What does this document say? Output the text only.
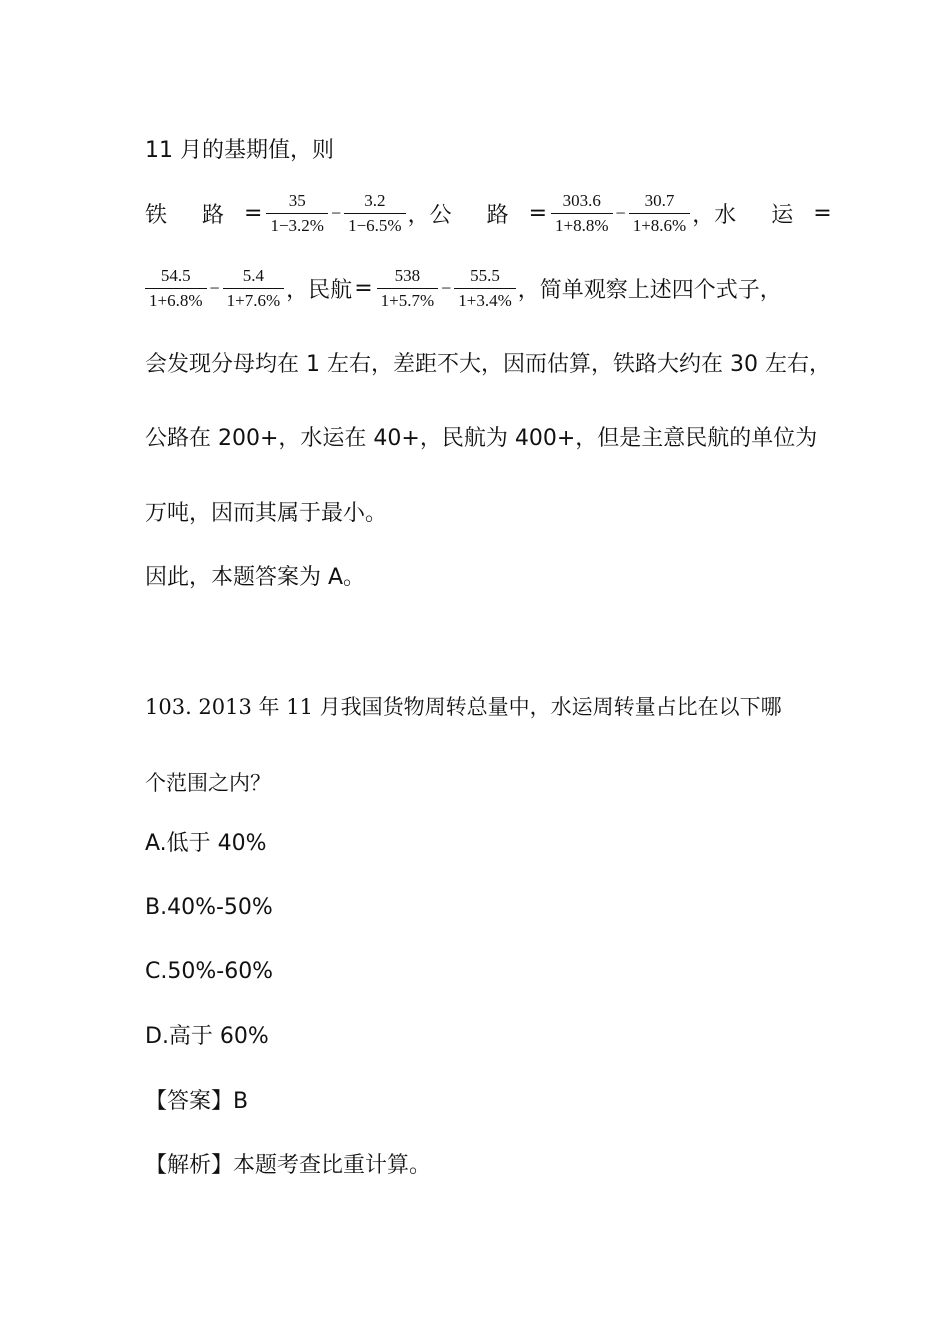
11 月的基期值，则
铁 路 = $\frac{35}{1-3.2\%} - \frac{3.2}{1-6.5\%}$ ， 公 路 = $\frac{303.6}{1+8.8\%} - \frac{30.7}{1+8.6\%}$ ， 水 运 =
$\frac{54.5}{1+6.8\%} - \frac{5.4}{1+7.6\%}$ ， 民航 = $\frac{538}{1+5.7\%} - \frac{55.5}{1+3.4\%}$ ，简单观察上述四个式子，
会发现分母均在 1 左右，差距不大，因而估算，铁路大约在 30 左右，
公路在 200+，水运在 40+，民航为 400+，但是主意民航的单位为
万吨，因而其属于最小。
因此，本题答案为 A。
103. 2013 年 11 月我国货物周转总量中，水运周转量占比在以下哪
个范围之内？
A.低于 40%
B.40%-50%
C.50%-60%
D.高于 60%
【答案】B
【解析】本题考查比重计算。
